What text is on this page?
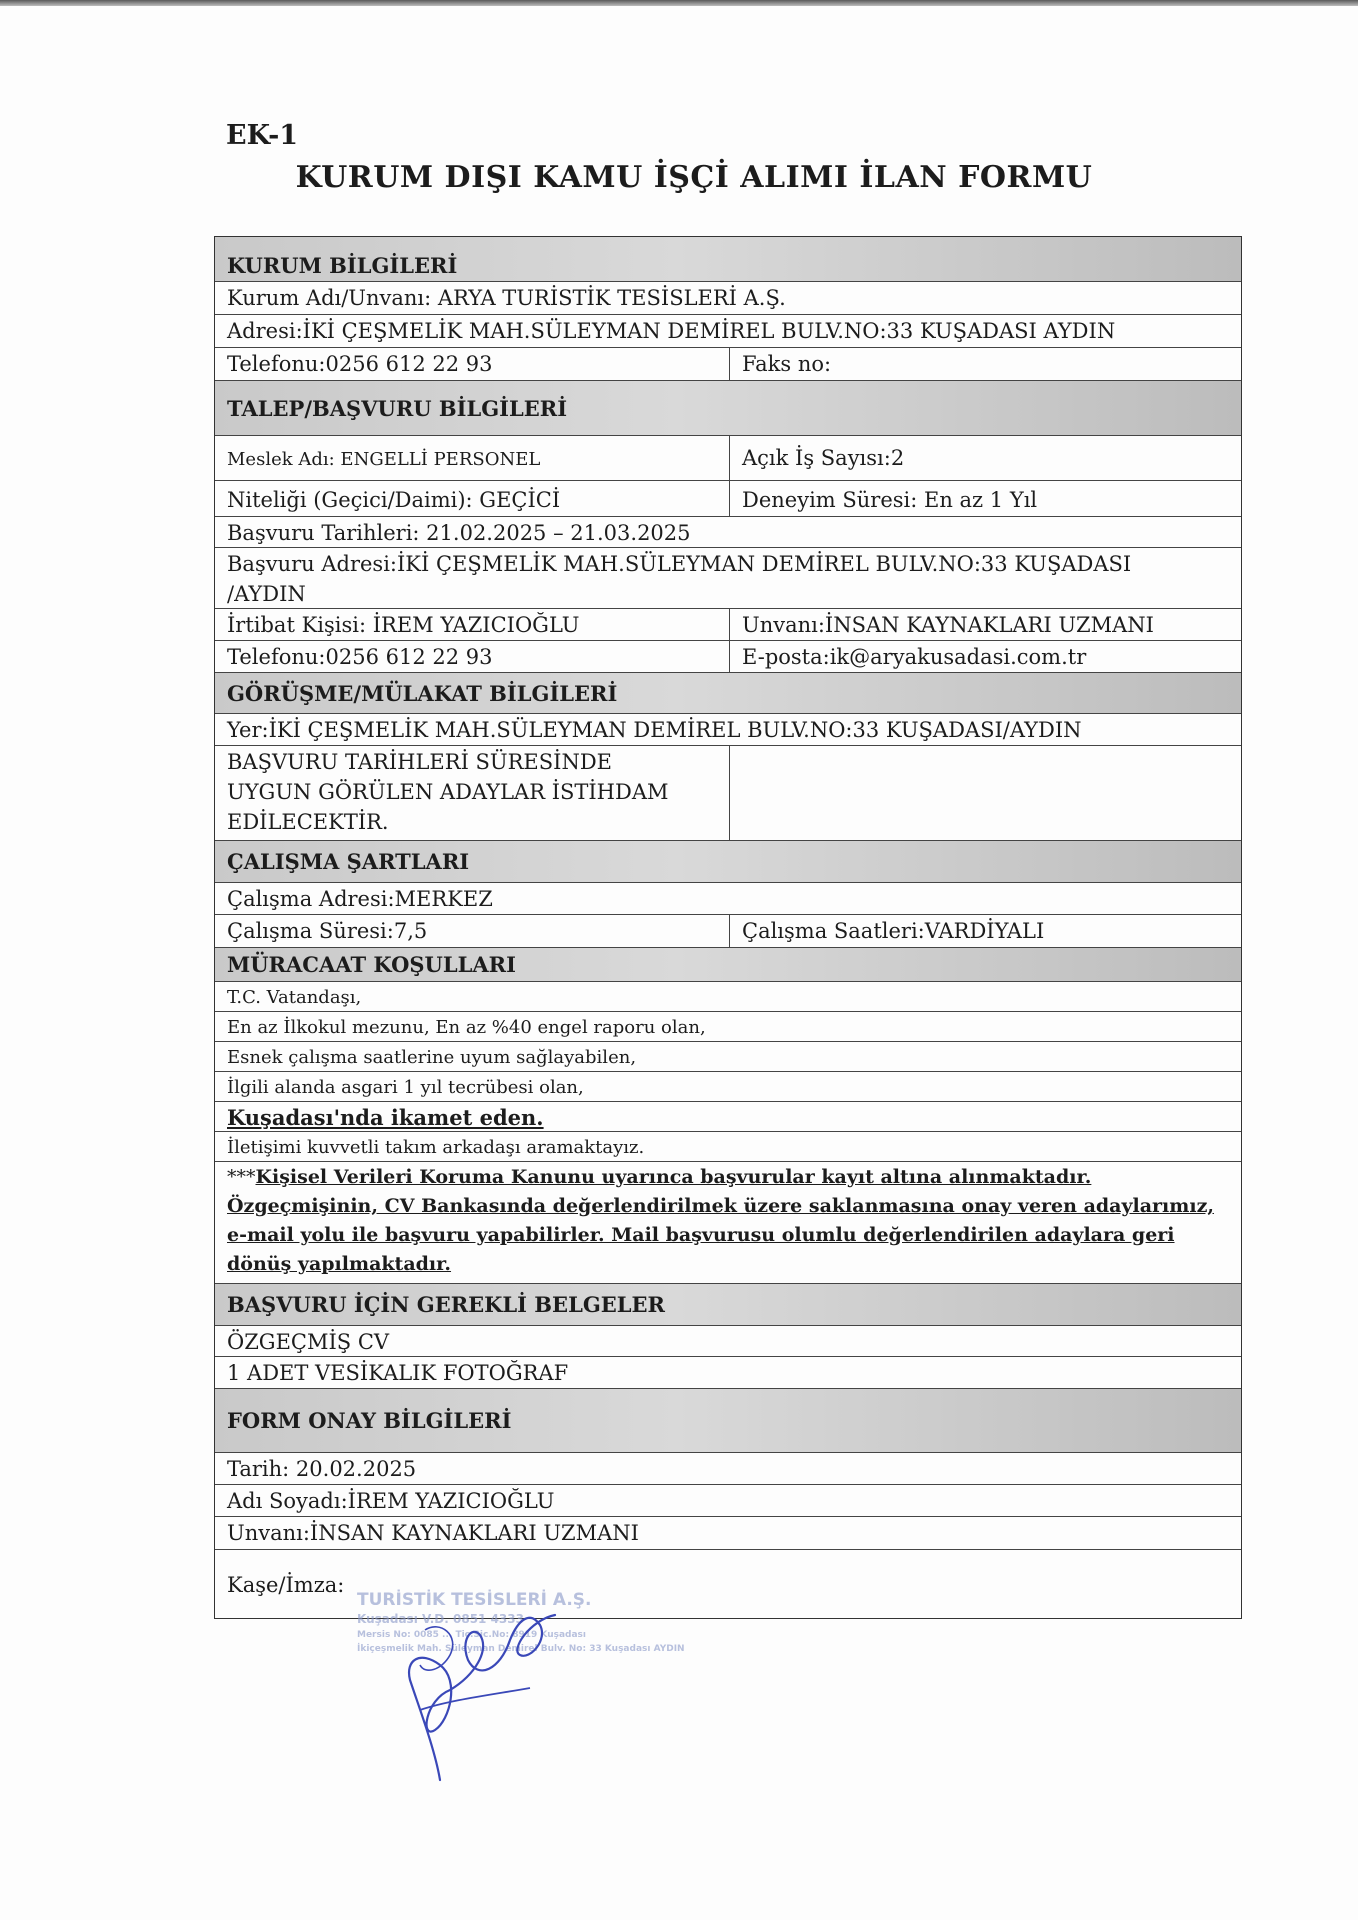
EK-1
KURUM DIŞI KAMU İŞÇİ ALIMI İLAN FORMU
KURUM BİLGİLERİ
Kurum Adı/Unvanı: ARYA TURİSTİK TESİSLERİ A.Ş.
Adresi:İKİ ÇEŞMELİK MAH.SÜLEYMAN DEMİREL BULV.NO:33 KUŞADASI AYDIN
Telefonu:0256 612 22 93	Faks no:
TALEP/BAŞVURU BİLGİLERİ
Meslek Adı: ENGELLİ PERSONEL	Açık İş Sayısı:2
Niteliği (Geçici/Daimi): GEÇİCİ	Deneyim Süresi: En az 1 Yıl
Başvuru Tarihleri: 21.02.2025 – 21.03.2025
Başvuru Adresi:İKİ ÇEŞMELİK MAH.SÜLEYMAN DEMİREL BULV.NO:33 KUŞADASI
/AYDIN
İrtibat Kişisi: İREM YAZICIOĞLU	Unvanı:İNSAN KAYNAKLARI UZMANI
Telefonu:0256 612 22 93	E-posta:ik@aryakusadasi.com.tr
GÖRÜŞME/MÜLAKAT BİLGİLERİ
Yer:İKİ ÇEŞMELİK MAH.SÜLEYMAN DEMİREL BULV.NO:33 KUŞADASI/AYDIN
BAŞVURU TARİHLERİ SÜRESİNDE
UYGUN GÖRÜLEN ADAYLAR İSTİHDAM
EDİLECEKTİR.
ÇALIŞMA ŞARTLARI
Çalışma Adresi:MERKEZ
Çalışma Süresi:7,5	Çalışma Saatleri:VARDİYALI
MÜRACAAT KOŞULLARI
T.C. Vatandaşı,
En az İlkokul mezunu, En az %40 engel raporu olan,
Esnek çalışma saatlerine uyum sağlayabilen,
İlgili alanda asgari 1 yıl tecrübesi olan,
Kuşadası'nda ikamet eden.
İletişimi kuvvetli takım arkadaşı aramaktayız.
***Kişisel Verileri Koruma Kanunu uyarınca başvurular kayıt altına alınmaktadır. Özgeçmişinin, CV Bankasında değerlendirilmek üzere saklanmasına onay veren adaylarımız, e-mail yolu ile başvuru yapabilirler. Mail başvurusu olumlu değerlendirilen adaylara geri dönüş yapılmaktadır.
BAŞVURU İÇİN GEREKLİ BELGELER
ÖZGEÇMİŞ CV
1 ADET VESİKALIK FOTOĞRAF
FORM ONAY BİLGİLERİ
Tarih: 20.02.2025
Adı Soyadı:İREM YAZICIOĞLU
Unvanı:İNSAN KAYNAKLARI UZMANI
Kaşe/İmza:
TURİSTİK TESİSLERİ A.Ş.
Kuşadası V.D. 0851 4333
Mersis No: 0085 ... Tic.Sic.No: 8919 Kuşadası
İkiçeşmelik Mah. Süleyman Demirel Bulv. No: 33 Kuşadası AYDIN
